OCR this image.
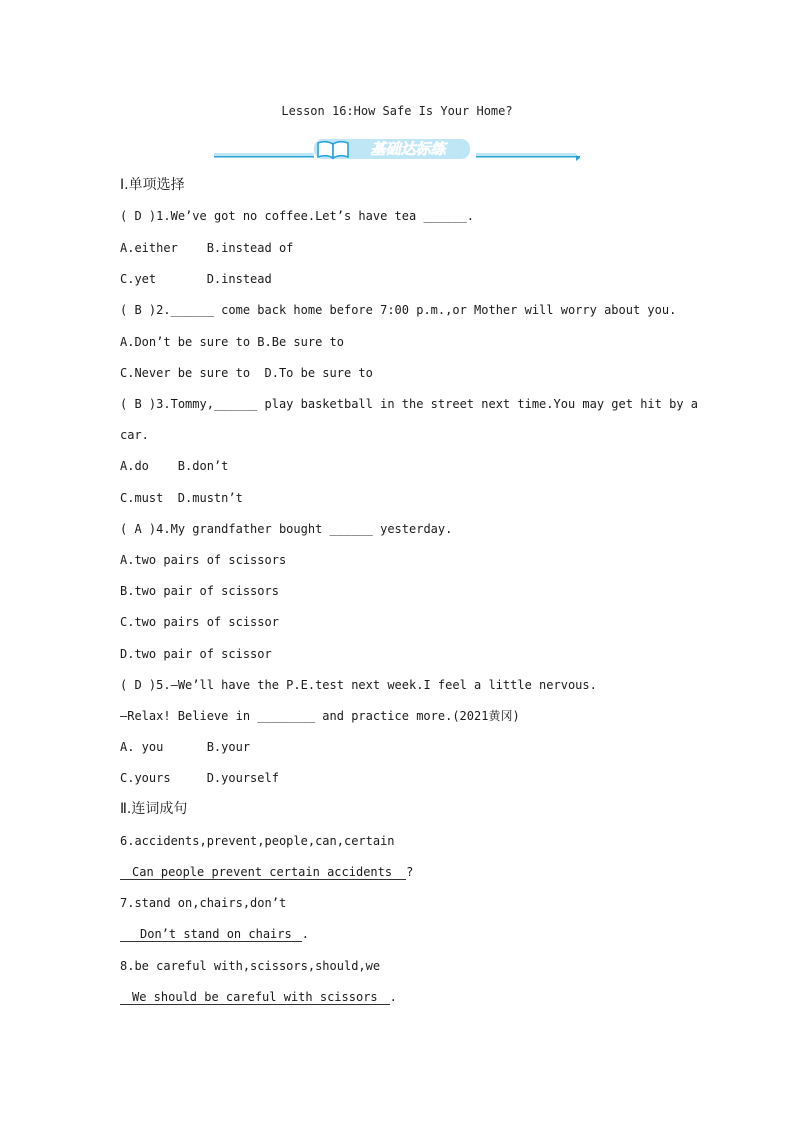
Lesson 16:How Safe Is Your Home?
基础达标练
Ⅰ.单项选择
( D )1.We’ve got no coffee.Let’s have tea ______.
A.either    B.instead of
C.yet       D.instead
( B )2.______ come back home before 7:00 p.m.,or Mother will worry about you.
A.Don’t be sure to B.Be sure to
C.Never be sure to  D.To be sure to
( B )3.Tommy,______ play basketball in the street next time.You may get hit by a
car.
A.do    B.don’t
C.must  D.mustn’t
( A )4.My grandfather bought ______ yesterday.
A.two pairs of scissors
B.two pair of scissors
C.two pairs of scissor
D.two pair of scissor
( D )5.—We’ll have the P.E.test next week.I feel a little nervous.
—Relax! Believe in ________ and practice more.(2021黄冈)
A. you      B.your
C.yours     D.yourself
Ⅱ.连词成句
6.accidents,prevent,people,can,certain
Can people prevent certain accidents ?
7.stand on,chairs,don’t
Don’t stand on chairs .
8.be careful with,scissors,should,we
We should be careful with scissors .
